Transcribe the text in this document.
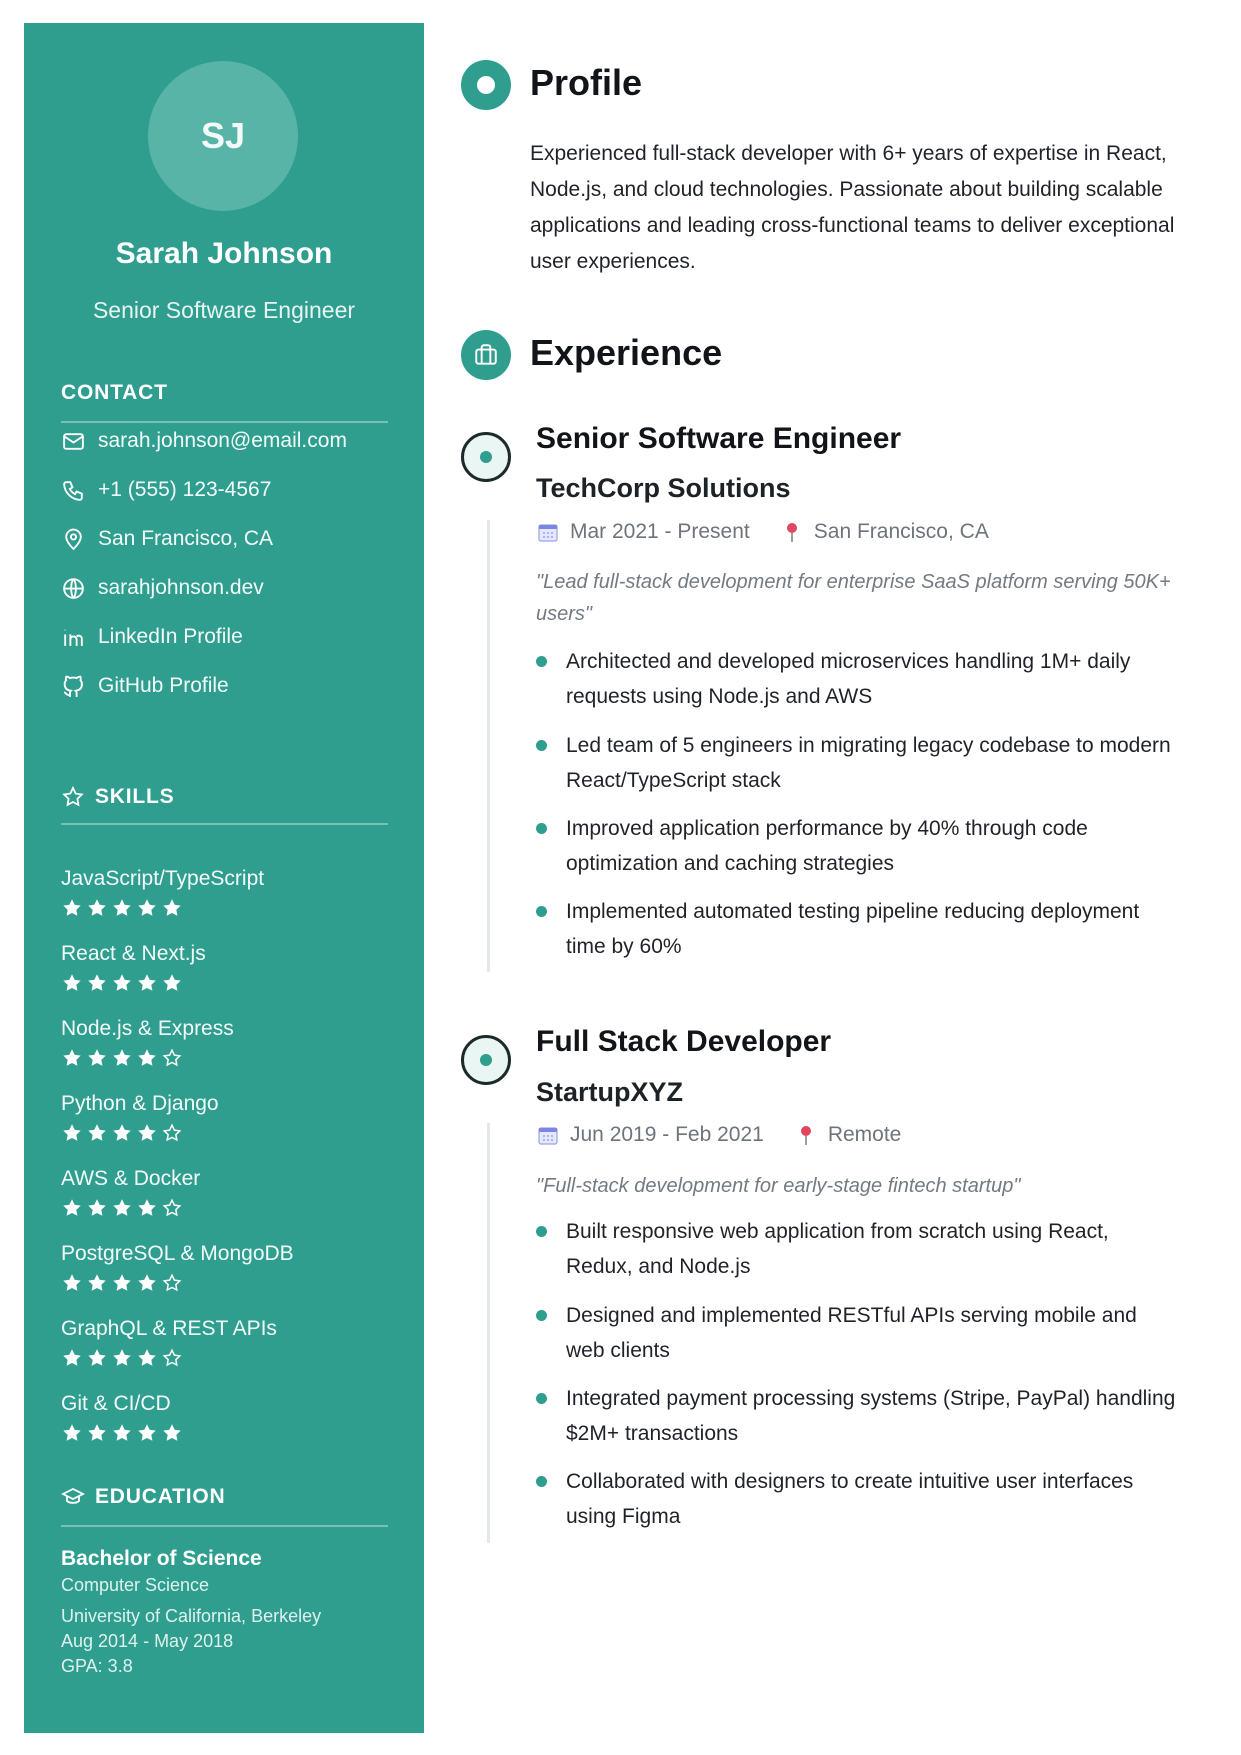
SJ
Sarah Johnson
Senior Software Engineer
CONTACT
sarah.johnson@email.com
+1 (555) 123-4567
San Francisco, CA
sarahjohnson.dev
LinkedIn Profile
GitHub Profile
SKILLS
JavaScript/TypeScript
React & Next.js
Node.js & Express
Python & Django
AWS & Docker
PostgreSQL & MongoDB
GraphQL & REST APIs
Git & CI/CD
EDUCATION
Bachelor of Science
Computer Science
University of California, Berkeley
Aug 2014 - May 2018
GPA: 3.8
Profile
Experienced full-stack developer with 6+ years of expertise in React, Node.js, and cloud technologies. Passionate about building scalable applications and leading cross-functional teams to deliver exceptional user experiences.
Experience
Senior Software Engineer
TechCorp Solutions
Mar 2021 - Present	San Francisco, CA
"Lead full-stack development for enterprise SaaS platform serving 50K+ users"
Architected and developed microservices handling 1M+ daily requests using Node.js and AWS
Led team of 5 engineers in migrating legacy codebase to modern React/TypeScript stack
Improved application performance by 40% through code optimization and caching strategies
Implemented automated testing pipeline reducing deployment time by 60%
Full Stack Developer
StartupXYZ
Jun 2019 - Feb 2021	Remote
"Full-stack development for early-stage fintech startup"
Built responsive web application from scratch using React, Redux, and Node.js
Designed and implemented RESTful APIs serving mobile and web clients
Integrated payment processing systems (Stripe, PayPal) handling $2M+ transactions
Collaborated with designers to create intuitive user interfaces using Figma
